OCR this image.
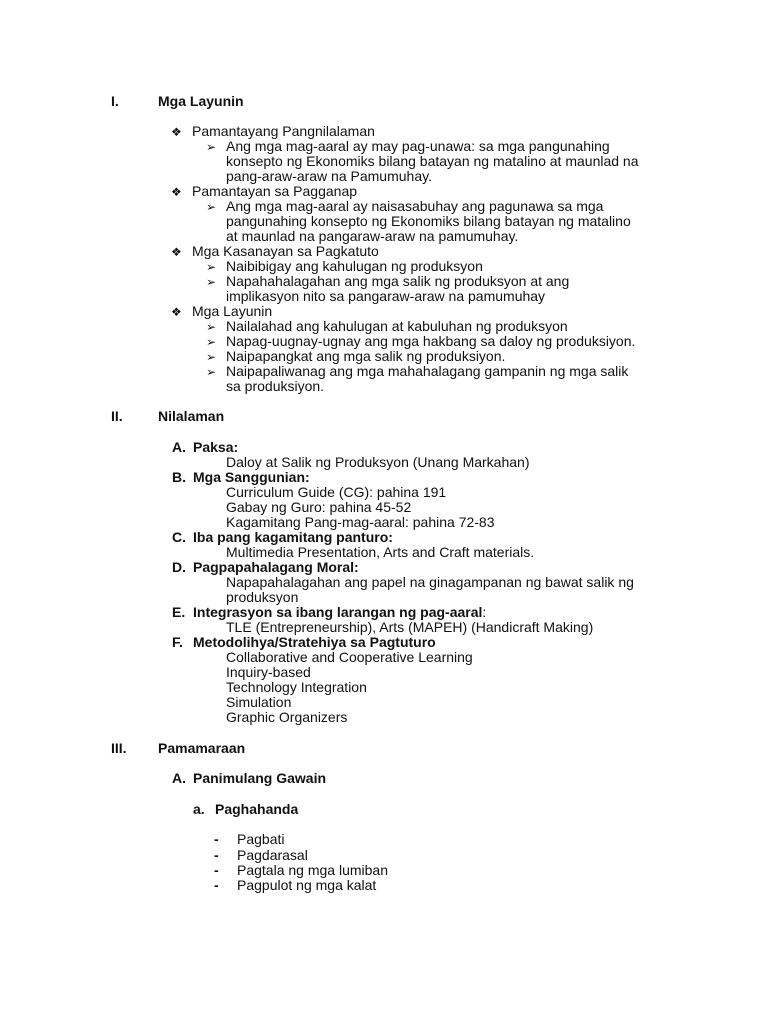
I.	Mga Layunin
❖ Pamantayang Pangnilalaman
➢ Ang mga mag-aaral ay may pag-unawa: sa mga pangunahing
konsepto ng Ekonomiks bilang batayan ng matalino at maunlad na
pang-araw-araw na Pamumuhay.
❖ Pamantayan sa Pagganap
➢ Ang mga mag-aaral ay naisasabuhay ang pagunawa sa mga
pangunahing konsepto ng Ekonomiks bilang batayan ng matalino
at maunlad na pangaraw-araw na pamumuhay.
❖ Mga Kasanayan sa Pagkatuto
➢ Naibibigay ang kahulugan ng produksyon
➢ Napahahalagahan ang mga salik ng produksyon at ang
implikasyon nito sa pangaraw-araw na pamumuhay
❖ Mga Layunin
➢ Nailalahad ang kahulugan at kabuluhan ng produksyon
➢ Napag-uugnay-ugnay ang mga hakbang sa daloy ng produksiyon.
➢ Naipapangkat ang mga salik ng produksiyon.
➢ Naipapaliwanag ang mga mahahalagang gampanin ng mga salik
sa produksiyon.
II.	Nilalaman
A. Paksa:
Daloy at Salik ng Produksyon (Unang Markahan)
B. Mga Sanggunian:
Curriculum Guide (CG): pahina 191
Gabay ng Guro: pahina 45-52
Kagamitang Pang-mag-aaral: pahina 72-83
C. Iba pang kagamitang panturo:
Multimedia Presentation, Arts and Craft materials.
D. Pagpapahalagang Moral:
Napapahalagahan ang papel na ginagampanan ng bawat salik ng
produksyon
E. Integrasyon sa ibang larangan ng pag-aaral:
TLE (Entrepreneurship), Arts (MAPEH) (Handicraft Making)
F. Metodolihya/Stratehiya sa Pagtuturo
Collaborative and Cooperative Learning
Inquiry-based
Technology Integration
Simulation
Graphic Organizers
III. Pamamaraan
A. Panimulang Gawain
a. Paghahanda
- Pagbati
- Pagdarasal
- Pagtala ng mga lumiban
- Pagpulot ng mga kalat
